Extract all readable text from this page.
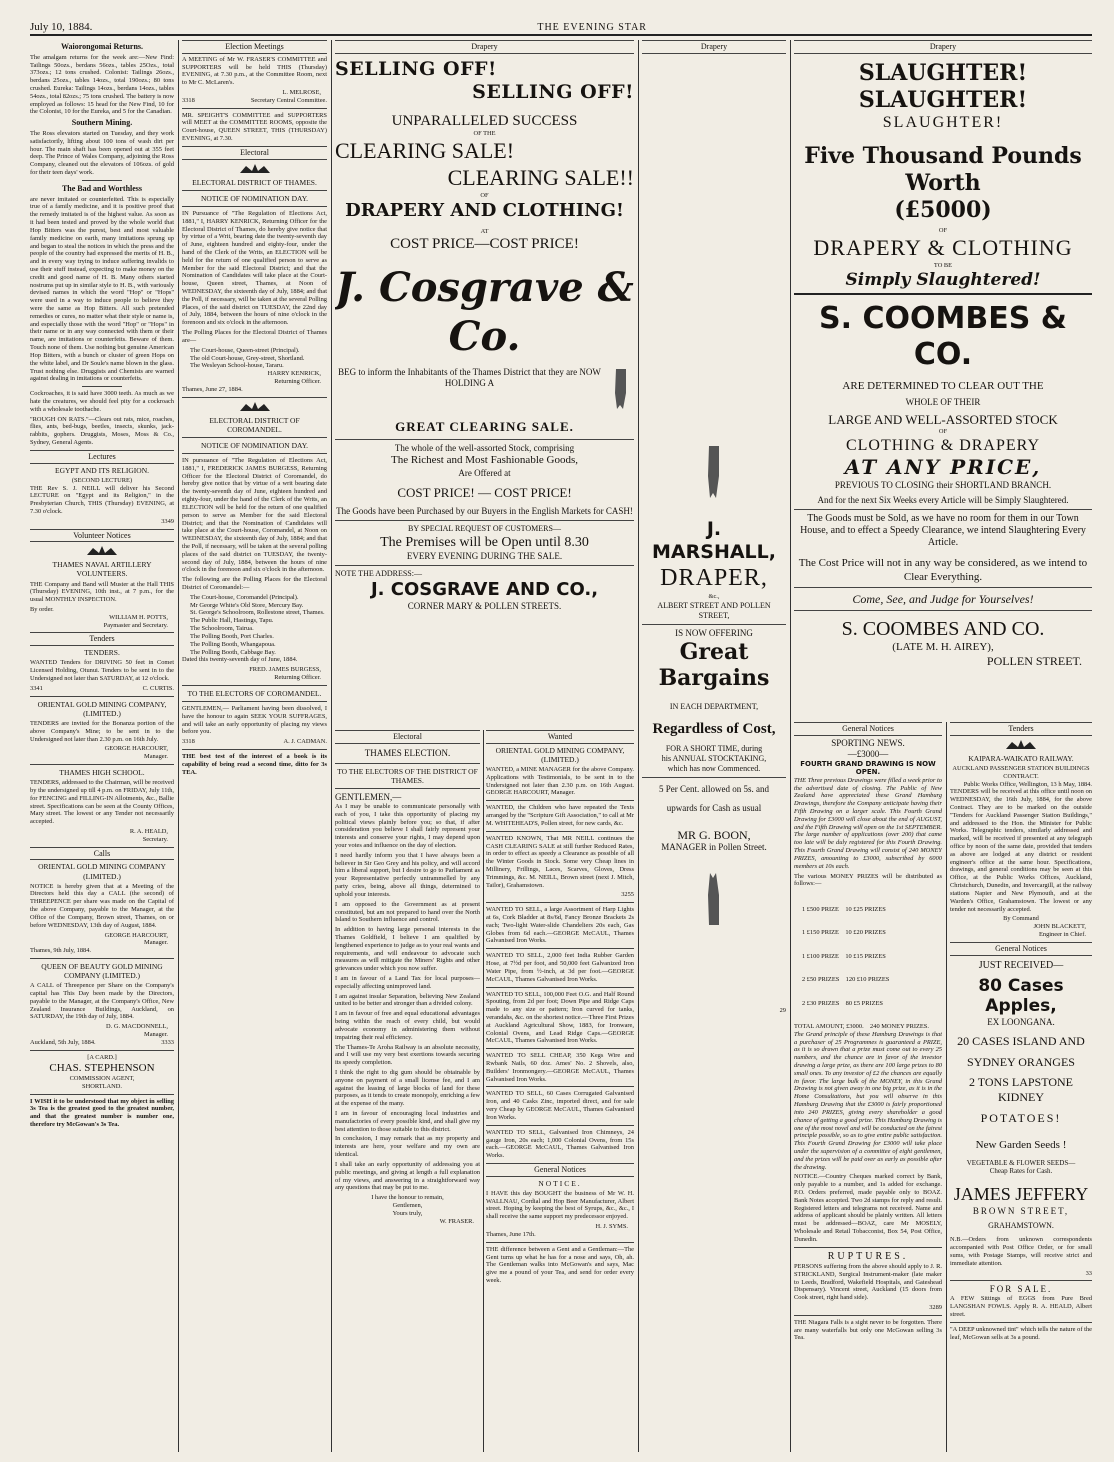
July 10, 1884.	THE EVENING STAR
Waiorongomai Returns.

The amalgam returns for the week are:—New Find: Tailings 50ozs., berdans 56ozs., tables 25Ozs., total 373ozs.; 12 tons crushed. Colonist: Tailings 26ozs., berdans 25ozs., tables 14ozs., total 190ozs.; 80 tons crushed. Eureka: Tailings 14ozs., berdans 14ozs., tables 54ozs., total 82ozs.; 75 tons crushed. The battery is now employed as follows: 15 head for the New Find, 10 for the Colonist, 10 for the Eureka, and 5 for the Canadian.

Southern Mining.

The Ross elevators started on Tuesday, and they work satisfactorily, lifting about 100 tons of wash dirt per hour. The main shaft has been opened out at 355 feet deep. The Prince of Wales Company, adjoining the Ross Company, cleaned out the elevators of 106ozs. of gold for their teen days' work.

The Bad and Worthless

are never imitated or counterfeited. This is especially true of a family medicine, and it is positive proof that the remedy imitated is of the highest value. As soon as it had been tested and proved by the whole world that Hop Bitters was the purest, best and most valuable family medicine on earth, many imitations sprung up and began to steal the notices in which the press and the people of the country had expressed the merits of H. B., and in every way trying to induce suffering invalids to use their stuff instead, expecting to make money on the credit and good name of H. B. Many others started nostrums put up in similar style to H. B., with variously devised names in which the word "Hop" or "Hops" were used in a way to induce people to believe they were the same as Hop Bitters. All such pretended remedies or cures, no matter what their style or name is, and especially those with the word "Hop" or "Hops" in their name or in any way connected with them or their name, are imitations or counterfeits. Beware of them. Touch none of them. Use nothing but genuine American Hop Bitters, with a bunch or cluster of green Hops on the white label, and Dr Soule's name blown in the glass. Trust nothing else. Druggists and Chemists are warned against dealing in imitations or counterfeits.

Cockroaches, it is said have 3000 teeth. As much as we hate the creatures, we should feel pity for a cockroach with a wholesale toothache.

"ROUGH ON RATS."—Clears out rats, mice, roaches, flies, ants, bed-bugs, beetles, insects, skunks, jack-rabbits, gophers. Druggists, Moses, Moss & Co., Sydney, General Agents.

Lectures
EGYPT AND ITS RELIGION.
(SECOND LECTURE)

THE Rev S. J. NEILL will deliver his Second LECTURE on "Egypt and its Religion," in the Presbyterian Church, THIS (Thursday) EVENING, at 7.30 o'clock.

3349
Volunteer Notices
THAMES NAVAL ARTILLERY VOLUNTEERS.

THE Company and Band will Muster at the Hall THIS (Thursday) EVENING, 10th inst., at 7 p.m., for the usual MONTHLY INSPECTION.

By order.
WILLIAM H. POTTS,
Paymaster and Secretary.
Tenders
TENDERS.

WANTED Tenders for DRIVING 50 feet in Comet Licensed Holding, Otunui. Tenders to be sent in to the Undersigned not later than SATURDAY, at 12 o'clock.

3341	C. CURTIS.
ORIENTAL GOLD MINING COMPANY, (LIMITED.)

TENDERS are invited for the Bonanza portion of the above Company's Mine; to be sent in to the Undersigned not later than 2.30 p.m. on 16th July.

GEORGE HARCOURT,
Manager.
THAMES HIGH SCHOOL.

TENDERS, addressed to the Chairman, will be received by the undersigned up till 4 p.m. on FRIDAY, July 11th, for FENCING and FILLING-IN Allotments, &c., Ballie street. Specifications can be seen at the County Offices, Mary street. The lowest or any Tender not necessarily accepted.

R. A. HEALD,
Secretary.
Calls
ORIENTAL GOLD MINING COMPANY (LIMITED.)

NOTICE is hereby given that at a Meeting of the Directors held this day a CALL (the second) of THREEPENCE per share was made on the Capital of the above Company, payable to the Manager, at the Office of the Company, Brown street, Thames, on or before WEDNESDAY, 13th day of August, 1884.

GEORGE HARCOURT,
Manager.
Thames, 9th July, 1884.
QUEEN OF BEAUTY GOLD MINING COMPANY (LIMITED.)

A CALL of Threepence per Share on the Company's capital has This Day been made by the Directors, payable to the Manager, at the Company's Office, New Zealand Insurance Buildings, Auckland, on SATURDAY, the 19th day of July, 1884.

D. G. MACDONNELL,
Manager.
Auckland, 5th July, 1884.	3333
[A CARD.]
CHAS. STEPHENSON
COMMISSION AGENT,
SHORTLAND.

I WISH it to be understood that my object in selling 3s Tea is the greatest good to the greatest number, and that the greatest number is number one, therefore try McGowan's 3s Tea.

Election Meetings

A MEETING of Mr W. FRASER'S COMMITTEE and SUPPORTERS will be held THIS (Thursday) EVENING, at 7.30 p.m., at the Committee Room, next to Mr C. McLaren's.

L. MELROSE,
3318	Secretary Central Committee.

MR. SPEIGHT'S COMMITTEE and SUPPORTERS will MEET at the COMMITTEE ROOMS, opposite the Court-house, QUEEN STREET, THIS (THURSDAY) EVENING, at 7.30.

Electoral
ELECTORAL DISTRICT OF THAMES.
NOTICE OF NOMINATION DAY.

IN Pursuance of "The Regulation of Elections Act, 1881," I, HARRY KENRICK, Returning Officer for the Electoral District of Thames, do hereby give notice that by virtue of a Writ, bearing date the twenty-seventh day of June, eighteen hundred and eighty-four, under the hand of the Clerk of the Writs, an ELECTION will be held for the return of one qualified person to serve as Member for the said Electoral District; and that the Nomination of Candidates will take place at the Court-house, Queen street, Thames, at Noon of WEDNESDAY, the sixteenth day of July, 1884; and that the Poll, if necessary, will be taken at the several Polling Places, of the said district on TUESDAY, the 22nd day of July, 1884, between the hours of nine o'clock in the forenoon and six o'clock in the afternoon.

The Polling Places for the Electoral District of Thames are—

The Court-house, Queen-street (Principal).
The old Court-house, Grey-street, Shortland.
The Wesleyan School-house, Tararu.
HARRY KENRICK,
Returning Officer.
Thames, June 27, 1884.
ELECTORAL DISTRICT OF COROMANDEL.
NOTICE OF NOMINATION DAY.

IN pursuance of "The Regulation of Elections Act, 1881," I, FREDERICK JAMES BURGESS, Returning Officer for the Electoral District of Coromandel, do hereby give notice that by virtue of a writ bearing date the twenty-seventh day of June, eighteen hundred and eighty-four, under the hand of the Clerk of the Writs, an ELECTION will be held for the return of one qualified person to serve as Member for the said Electoral District; and that the Nomination of Candidates will take place at the Court-house, Coromandel, at Noon on WEDNESDAY, the sixteenth day of July, 1884; and that the Poll, if necessary, will be taken at the several polling places of the said district on TUESDAY, the twenty-second day of July, 1884, between the hours of nine o'clock in the forenoon and six o'clock in the afternoon.

The following are the Polling Places for the Electoral District of Coromandel:—

The Court-house, Coromandel (Principal).
Mr George White's Old Store, Mercury Bay.
St. George's Schoolroom, Rollestone street, Thames.
The Public Hall, Hastings, Tapu.
The Schoolroom, Tairua.
The Polling Booth, Port Charles.
The Polling Booth, Whangapoua.
The Polling Booth, Cabbage Bay.

Dated this twenty-seventh day of June, 1884.

FRED. JAMES BURGESS,
Returning Officer.
TO THE ELECTORS OF COROMANDEL.

GENTLEMEN,— Parliament having been dissolved, I have the honour to again SEEK YOUR SUFFRAGES, and will take an early opportunity of placing my views before you.

3318	A. J. CADMAN.

THE best test of the interest of a book is its capability of being read a second time, ditto for 3s TEA.

Drapery
SELLING OFF!
SELLING OFF!
UNPARALLELED SUCCESS
OF THE
CLEARING SALE!
CLEARING SALE!!
OF
DRAPERY AND CLOTHING!
AT
COST PRICE—COST PRICE!
J. Cosgrave & Co.
BEG to inform the Inhabitants of the Thames District that they are NOW HOLDING A
GREAT CLEARING SALE.
The whole of the well-assorted Stock, comprising
The Richest and Most Fashionable Goods,
Are Offered at
COST PRICE! — COST PRICE!
The Goods have been Purchased by our Buyers in the English Markets for CASH!
BY SPECIAL REQUEST OF CUSTOMERS—
The Premises will be Open until 8.30
EVERY EVENING DURING THE SALE.
NOTE THE ADDRESS:—
J. COSGRAVE AND CO.,
CORNER MARY & POLLEN STREETS.
Electoral
THAMES ELECTION.
TO THE ELECTORS OF THE DISTRICT OF THAMES.
GENTLEMEN,—

As I may be unable to communicate personally with each of you, I take this opportunity of placing my political views plainly before you; so that, if after consideration you believe I shall fairly represent your interests and conserve your rights, I may depend upon your votes and influence on the day of election.

I need hardly inform you that I have always been a believer in Sir Geo Grey and his policy, and will accord him a liberal support, but I desire to go to Parliament as your Representative perfectly untrammelled by any party cries, being, above all things, determined to uphold your interests.

I am opposed to the Government as at present constituted, but am not prepared to hand over the North Island to Southern influence and control.

In addition to having large personal interests in the Thames Goldfield, I believe I am qualified by lengthened experience to judge as to your real wants and requirements, and will endeavour to advocate such measures as will mitigate the Miners' Rights and other grievances under which you now suffer.

I am in favour of a Land Tax for local purposes—especially affecting unimproved land.

I am against insular Separation, believing New Zealand united to be better and stronger than a divided colony.

I am in favour of free and equal educational advantages being within the reach of every child, but would advocate economy in administering them without impairing their real efficiency.

The Thames-Te Aroha Railway is an absolute necessity, and I will use my very best exertions towards securing its speedy completion.

I think the right to dig gum should be obtainable by anyone on payment of a small license fee, and I am against the leasing of large blocks of land for these purposes, as it tends to create monopoly, enriching a few at the expense of the many.

I am in favour of encouraging local industries and manufactories of every possible kind, and shall give my best attention to those suitable to this district.

In conclusion, I may remark that as my property and interests are here, your welfare and my own are identical.

I shall take an early opportunity of addressing you at public meetings, and giving at length a full explanation of my views, and answering in a straightforward way any questions that may be put to me.

I have the honour to remain,
Gentlemen,
Yours truly,
W. FRASER.
Wanted
ORIENTAL GOLD MINING COMPANY, (LIMITED.)

WANTED, a MINE MANAGER for the above Company. Applications with Testimonials, to be sent in to the Undersigned not later than 2.30 p.m. on 16th August. GEORGE HARCOURT, Manager.

WANTED, the Children who have repeated the Texts arranged by the "Scripture Gift Association," to call at Mr M. WHITEHEAD'S, Pollen street, for new cards, &c.

WANTED KNOWN, That MR NEILL continues the CASH CLEARING SALE at still further Reduced Rates, in order to effect as speedy a Clearance as possible of all the Winter Goods in Stock. Some very Cheap lines in Millinery, Frillings, Laces, Scarves, Gloves, Dress Trimmings, &c. M. NEILL, Brown street (next J. Mitch, Tailor), Grahamstown.

3255

WANTED TO SELL, a large Assortment of Harp Lights at 6s, Cork Bladder at 8s/6d, Fancy Bronze Brackets 2s each; Two-light Water-slide Chandeliers 20s each, Gas Globes from 6d each.—GEORGE McCAUL, Thames Galvanised Iron Works.

WANTED TO SELL, 2,000 feet India Rubber Garden Hose, at 7½d per foot, and 50,000 feet Galvanized Iron Water Pipe, from ½-inch, at 3d per foot.—GEORGE McCAUL, Thames Galvanised Iron Works.

WANTED TO SELL, 100,000 Feet O.G. and Half Round Spouting, from 2d per foot; Down Pipe and Ridge Caps made to any size or pattern; Iron curved for tanks, verandahs, &c. on the shortest notice.—Three First Prizes at Auckland Agricultural Show, 1883, for Ironware, Colonial Ovens, and Lead Ridge Caps.—GEORGE McCAUL, Thames Galvanised Iron Works.

WANTED TO SELL CHEAP, 350 Kegs Wire and Rwbank Nails, 60 doz. Ames' No. 2 Shovels, also, Builders' Ironmongery.—GEORGE McCAUL, Thames Galvanised Iron Works.

WANTED TO SELL, 60 Cases Corrugated Galvanised Iron, and 40 Casks Zinc, imported direct, and for sale very Cheap by GEORGE McCAUL, Thames Galvanised Iron Works.

WANTED TO SELL, Galvanised Iron Chimneys, 24 gauge Iron, 20s each; 1,000 Colonial Ovens, from 15s each.—GEORGE McCAUL, Thames Galvanised Iron Works.

General Notices
NOTICE.

I HAVE this day BOUGHT the business of Mr W. H. WALLNAU, Cordial and Hop Beer Manufacturer, Albert street. Hoping by keeping the best of Syrups, &c., &c., I shall receive the same support my predecessor enjoyed.

H. J. SYMS.
Thames, June 17th.

THE difference between a Gent and a Gentleman:—The Gent turns up what he has for a nose and says, Oh, ah. The Gentleman walks into McGowan's and says, Mac give me a pound of your Tea, and send for order every week.

Drapery
J. MARSHALL,
DRAPER,
&c.,
ALBERT STREET AND POLLEN
STREET,
IS NOW OFFERING
Great Bargains
IN EACH DEPARTMENT,
Regardless of Cost,
FOR A SHORT TIME, during
his ANNUAL STOCKTAKING,
which has now Commenced.
5 Per Cent. allowed on 5s. and
upwards for Cash as usual
MR G. BOON,
MANAGER in Pollen Street.
29
Drapery
SLAUGHTER! SLAUGHTER!
SLAUGHTER!
Five Thousand Pounds Worth
(£5000)
OF
DRAPERY & CLOTHING
TO BE
Simply Slaughtered!
S. COOMBES & CO.
ARE DETERMINED TO CLEAR OUT THE
WHOLE OF THEIR
LARGE AND WELL-ASSORTED STOCK
OF
CLOTHING & DRAPERY
AT ANY PRICE,
PREVIOUS TO CLOSING their SHORTLAND BRANCH.
And for the next Six Weeks every Article will be Simply Slaughtered.
The Goods must be Sold, as we have no room for them in our Town House, and to effect a Speedy Clearance, we intend Slaughtering Every Article.
The Cost Price will not in any way be considered, as we intend to Clear Everything.
Come, See, and Judge for Yourselves!
S. COOMBES AND CO.
(LATE M. H. AIREY),
POLLEN STREET.
General Notices
SPORTING NEWS.
—£3000—
FOURTH GRAND DRAWING IS NOW OPEN.

THE Three previous Drawings were filled a week prior to the advertised date of closing. The Public of New Zealand have appreciated these Grand Hamburg Drawings, therefore the Company anticipate having their Fifth Drawing on a larger scale. This Fourth Grand Drawing for £3000 will close about the end of AUGUST, and the Fifth Drawing will open on the 1st SEPTEMBER. The large number of applications (over 200) that came too late will be duly registered for this Fourth Drawing. This Fourth Grand Drawing will consist of 240 MONEY PRIZES, amounting to £3000, subscribed by 6000 members at 10s each.

The various MONEY PRIZES will be distributed as follows:—

1 £500 PRIZE    10 £25 PRIZES

1 £150 PRIZE    10 £20 PRIZES

1 £100 PRIZE    10 £15 PRIZES

2 £50 PRIZES    120 £10 PRIZES

2 £30 PRIZES    80 £5 PRIZES

TOTAL AMOUNT, £3000.    240 MONEY PRIZES.

The Grand principle of these Hamburg Drawings is that a purchaser of 25 Programmes is guaranteed a PRIZE, as it is so drawn that a prize must come out to every 25 numbers, and the chance are in favor of the investor drawing a large prize, as there are 100 large prizes to 80 small ones. To any investor of £2 the chances are equally in favor. The large bulk of the MONEY, in this Grand Drawing is not given away in one big prize, as it is in the Home Consultations, but you will observe in this Hamburg Drawing that the £3000 is fairly proportioned into 240 PRIZES, giving every shareholder a good chance of getting a good prize. This Hamburg Drawing is one of the most novel and will be conducted on the fairest principle possible, so as to give entire public satisfaction. This Fourth Grand Drawing for £3000 will take place under the supervision of a committee of eight gentlemen, and the prizes will be paid over as early as possible after the drawing.

NOTICE.—Country Cheques marked correct by Bank, only payable to a number, and 1s added for exchange. P.O. Orders preferred, made payable only to BOAZ. Bank Notes accepted. Two 2d stamps for reply and result. Registered letters and telegrams not received. Name and address of applicant should be plainly written. All letters must be addressed—BOAZ, care Mr MOSELY, Wholesale and Retail Tobacconist, Box 54, Post Office, Dunedin.

RUPTURES.

PERSONS suffering from the above should apply to J. R. STRICKLAND, Surgical Instrument-maker (late maker to Leeds, Bradford, Wakefield Hospitals, and Gateshead Dispensary). Vincent street, Auckland (15 doors from Cook street, right hand side).

3289

THE Niagara Falls is a sight never to be forgotten. There are many waterfalls but only one McGowan selling 3s Tea.

Tenders
KAIPARA-WAIKATO RAILWAY.
AUCKLAND PASSENGER STATION BUILDINGS CONTRACT.
Public Works Office, Wellington, 13 h May, 1884.

TENDERS will be received at this office until noon on WEDNESDAY, the 16th July, 1884, for the above Contract. They are to be marked on the outside "Tenders for Auckland Passenger Station Buildings," and addressed to the Hon. the Minister for Public Works. Telegraphic tenders, similarly addressed and marked, will be received if presented at any telegraph office by noon of the same date, provided that tenders as above are lodged at any district or resident engineer's office at the same hour. Specifications, drawings, and general conditions may be seen at this Office, at the Public Works Offices, Auckland, Christchurch, Dunedin, and Invercargill, at the railway stations Napier and New Plymouth, and at the Warden's Office, Grahamstown. The lowest or any tender not necessarily accepted.

By Command
JOHN BLACKETT,
Engineer in Chief.
General Notices
JUST RECEIVED—
80 Cases Apples,
EX LOONGANA.
20 CASES ISLAND AND
SYDNEY ORANGES
2 TONS LAPSTONE KIDNEY
POTATOES!
New Garden Seeds !
VEGETABLE & FLOWER SEEDS—
Cheap Rates for Cash.
JAMES JEFFERY
BROWN STREET,
GRAHAMSTOWN.

N.B.—Orders from unknown correspondents accompanied with Post Office Order, or for small sums, with Postage Stamps, will receive strict and immediate attention.

33
FOR SALE.

A FEW Sittings of EGGS from Pure Bred LANGSHAN FOWLS. Apply R. A. HEALD, Albert street.

"A DEEP unknowned tint" which tells the nature of the leaf, McGowan sells at 3s a pound.
